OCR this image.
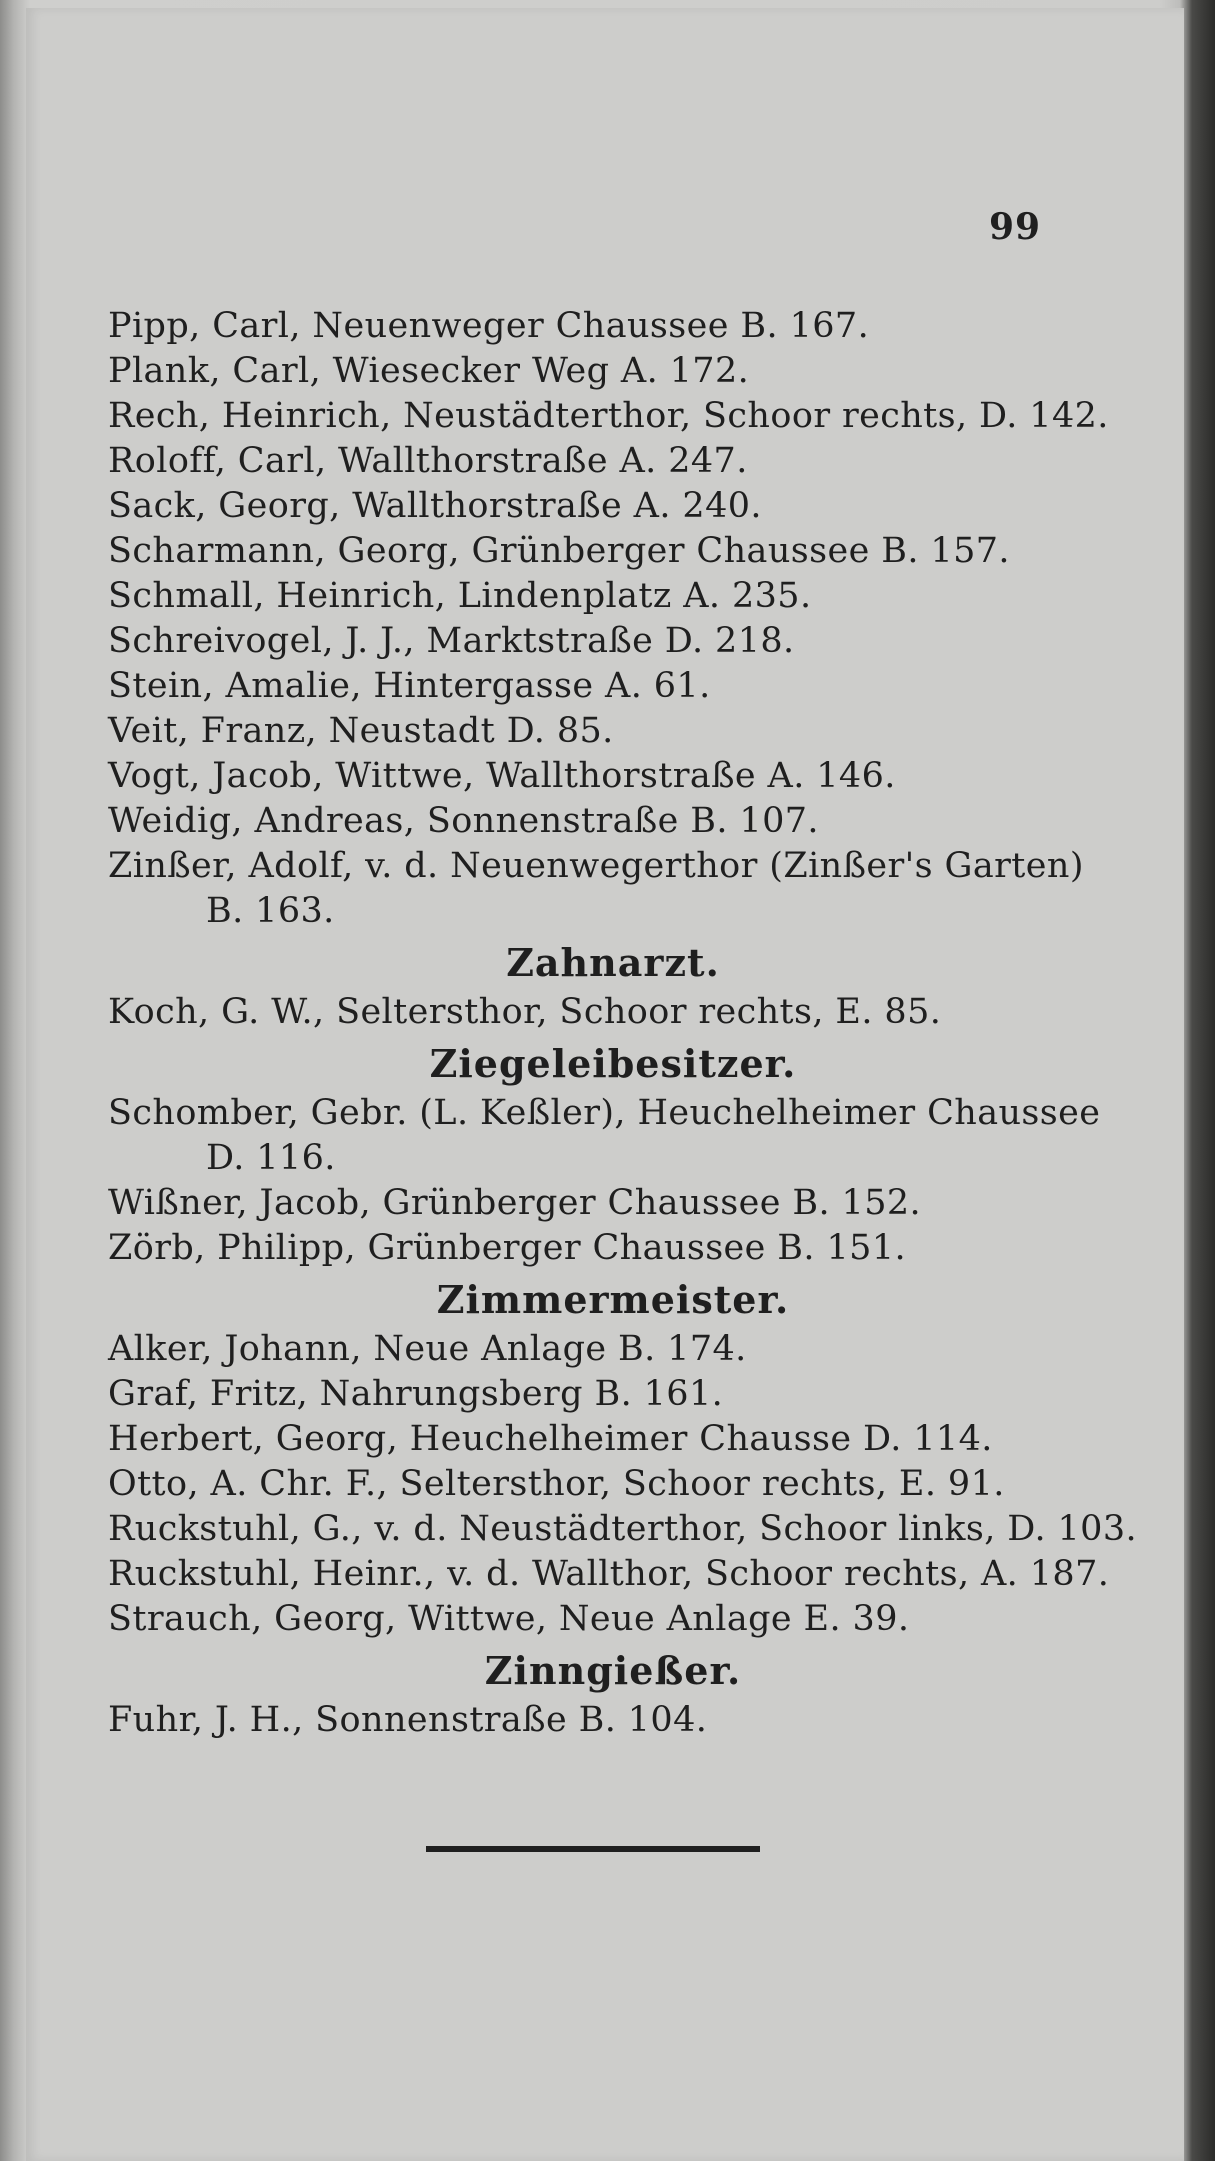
99
Pipp, Carl, Neuenweger Chaussee B. 167.
Plank, Carl, Wiesecker Weg A. 172.
Rech, Heinrich, Neustädterthor, Schoor rechts, D. 142.
Roloff, Carl, Wallthorstraße A. 247.
Sack, Georg, Wallthorstraße A. 240.
Scharmann, Georg, Grünberger Chaussee B. 157.
Schmall, Heinrich, Lindenplatz A. 235.
Schreivogel, J. J., Marktstraße D. 218.
Stein, Amalie, Hintergasse A. 61.
Veit, Franz, Neustadt D. 85.
Vogt, Jacob, Wittwe, Wallthorstraße A. 146.
Weidig, Andreas, Sonnenstraße B. 107.
Zinßer, Adolf, v. d. Neuenwegerthor (Zinßer's Garten)
B. 163.
Zahnarzt.
Koch, G. W., Seltersthor, Schoor rechts, E. 85.
Ziegeleibesitzer.
Schomber, Gebr. (L. Keßler), Heuchelheimer Chaussee
D. 116.
Wißner, Jacob, Grünberger Chaussee B. 152.
Zörb, Philipp, Grünberger Chaussee B. 151.
Zimmermeister.
Alker, Johann, Neue Anlage B. 174.
Graf, Fritz, Nahrungsberg B. 161.
Herbert, Georg, Heuchelheimer Chausse D. 114.
Otto, A. Chr. F., Seltersthor, Schoor rechts, E. 91.
Ruckstuhl, G., v. d. Neustädterthor, Schoor links, D. 103.
Ruckstuhl, Heinr., v. d. Wallthor, Schoor rechts, A. 187.
Strauch, Georg, Wittwe, Neue Anlage E. 39.
Zinngießer.
Fuhr, J. H., Sonnenstraße B. 104.
